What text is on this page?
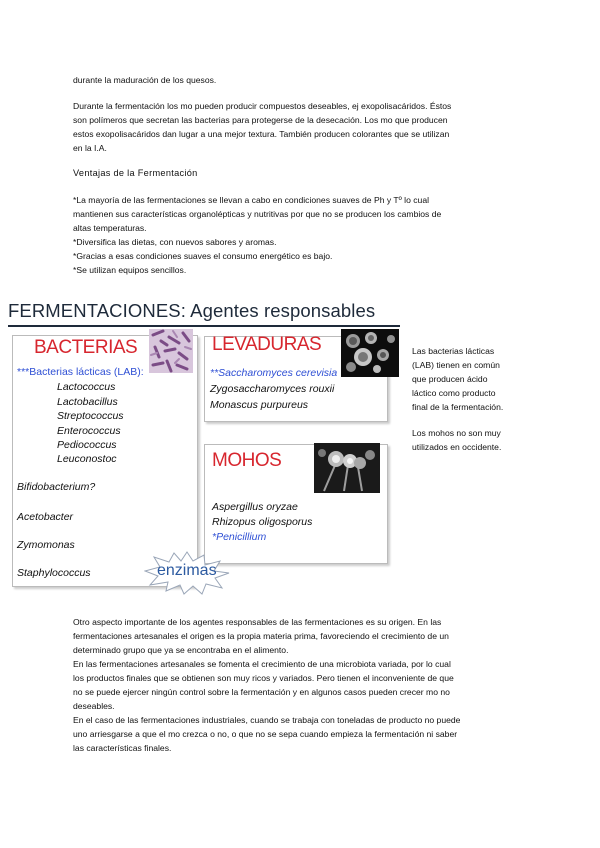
durante la maduración de los quesos.

Durante la fermentación los mo pueden producir compuestos deseables, ej exopolisacáridos. Éstos
son polímeros que secretan las bacterias para protegerse de la desecación. Los mo que producen
estos exopolisacáridos dan lugar a una mejor textura. También producen colorantes que se utilizan
en la I.A.

Ventajas de la Fermentación

*La mayoría de las fermentaciones se llevan a cabo en condiciones suaves de Ph y Tº lo cual
mantienen sus características organolépticas y nutritivas por que no se producen los cambios de
altas temperaturas.
*Diversifica las dietas, con nuevos sabores y aromas.
*Gracias a esas condiciones suaves el consumo energético es bajo.
*Se utilizan equipos sencillos.

FERMENTACIONES: Agentes responsables
BACTERIAS
***Bacterias lácticas (LAB):
Lactococcus
Lactobacillus
Streptococcus
Enterococcus
Pediococcus
Leuconostoc
Bifidobacterium?
Acetobacter
Zymomonas
Staphylococcus
LEVADURAS
**Saccharomyces cerevisia
Zygosaccharomyces rouxii
Monascus purpureus
MOHOS
Aspergillus oryzae
Rhizopus oligosporus
*Penicillium
enzimas

Las bacterias lácticas
(LAB) tienen en común
que producen ácido
láctico como producto
final de la fermentación.

Los mohos no son muy
utilizados en occidente.

Otro aspecto importante de los agentes responsables de las fermentaciones es su origen. En las
fermentaciones artesanales el origen es la propia materia prima, favoreciendo el crecimiento de un
determinado grupo que ya se encontraba en el alimento.
En las fermentaciones artesanales se fomenta el crecimiento de una microbiota variada, por lo cual
los productos finales que se obtienen son muy ricos y variados. Pero tienen el inconveniente de que
no se puede ejercer ningún control sobre la fermentación y en algunos casos pueden crecer mo no
deseables.
En el caso de las fermentaciones industriales, cuando se trabaja con toneladas de producto no puede
uno arriesgarse a que el mo crezca o no, o que no se sepa cuando empieza la fermentación ni saber
las características finales.
